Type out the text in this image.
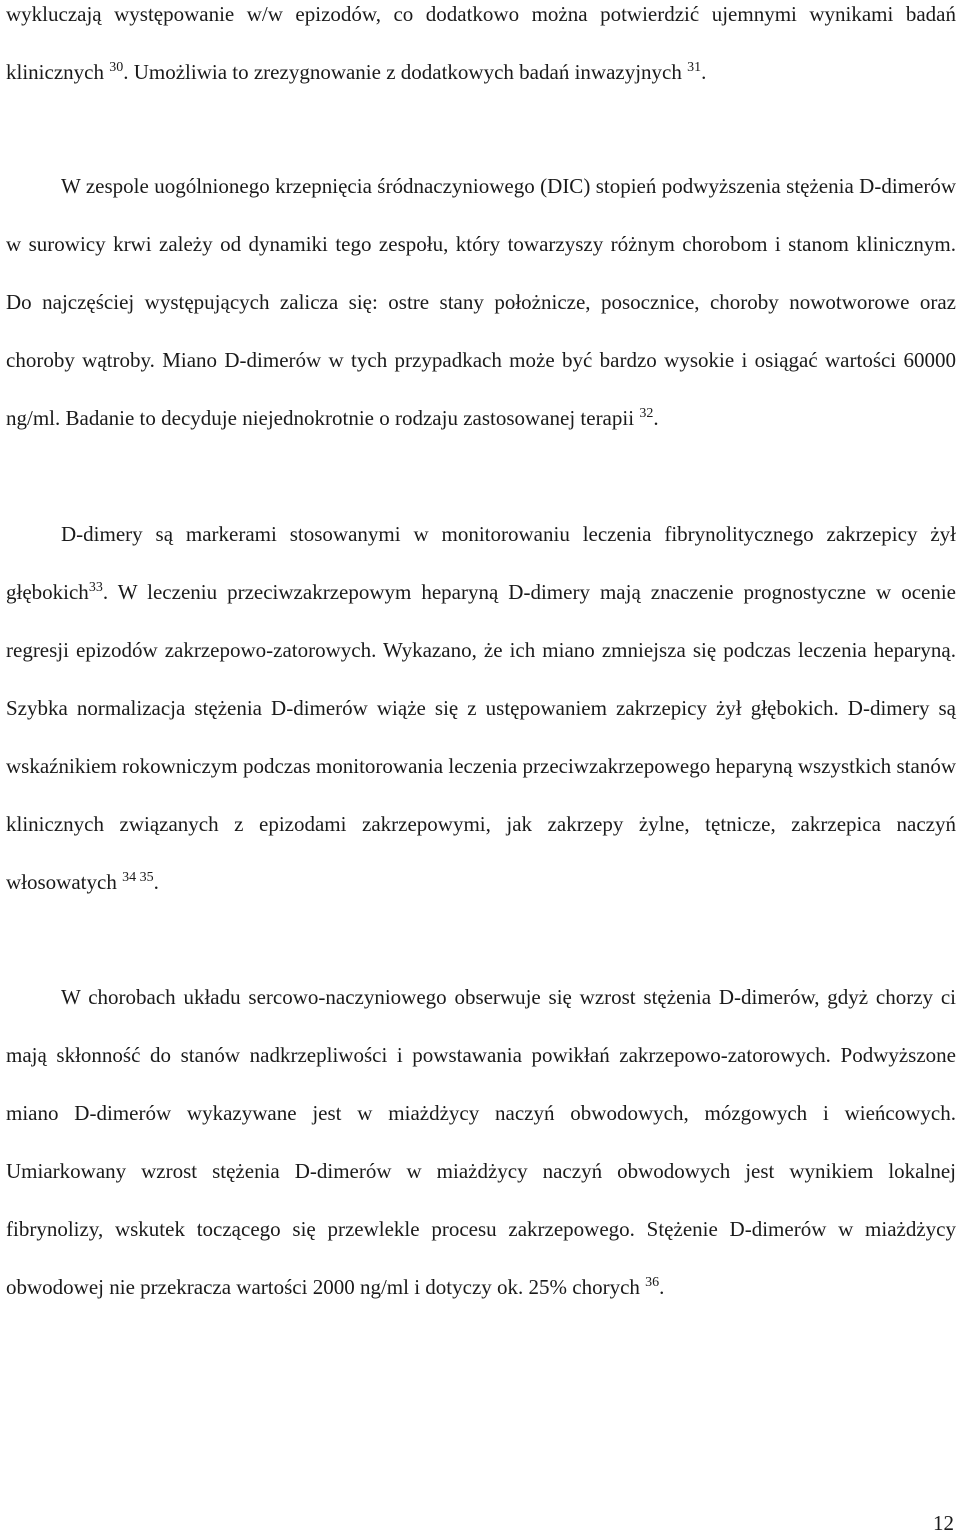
wykluczają występowanie w/w epizodów, co dodatkowo można potwierdzić ujemnymi wynikami badań klinicznych $^{30}$. Umożliwia to zrezygnowanie z dodatkowych badań inwazyjnych $^{31}$.

W zespole uogólnionego krzepnięcia śródnaczyniowego (DIC) stopień podwyższenia stężenia D-dimerów w surowicy krwi zależy od dynamiki tego zespołu, który towarzyszy różnym chorobom i stanom klinicznym. Do najczęściej występujących zalicza się: ostre stany położnicze, posocznice, choroby nowotworowe oraz choroby wątroby. Miano D-dimerów w tych przypadkach może być bardzo wysokie i osiągać wartości 60000 ng/ml. Badanie to decyduje niejednokrotnie o rodzaju zastosowanej terapii $^{32}$.

D-dimery są markerami stosowanymi w monitorowaniu leczenia fibrynolitycznego zakrzepicy żył głębokich$^{33}$. W leczeniu przeciwzakrzepowym heparyną D-dimery mają znaczenie prognostyczne w ocenie regresji epizodów zakrzepowo-zatorowych. Wykazano, że ich miano zmniejsza się podczas leczenia heparyną. Szybka normalizacja stężenia D-dimerów wiąże się z ustępowaniem zakrzepicy żył głębokich. D-dimery są wskaźnikiem rokowniczym podczas monitorowania leczenia przeciwzakrzepowego heparyną wszystkich stanów klinicznych związanych z epizodami zakrzepowymi, jak zakrzepy żylne, tętnicze, zakrzepica naczyń włosowatych $^{34 35}$.

W chorobach układu sercowo-naczyniowego obserwuje się wzrost stężenia D-dimerów, gdyż chorzy ci mają skłonność do stanów nadkrzepliwości i powstawania powikłań zakrzepowo-zatorowych. Podwyższone miano D-dimerów wykazywane jest w miażdżycy naczyń obwodowych, mózgowych i wieńcowych. Umiarkowany wzrost stężenia D-dimerów w miażdżycy naczyń obwodowych jest wynikiem lokalnej fibrynolizy, wskutek toczącego się przewlekle procesu zakrzepowego. Stężenie D-dimerów w miażdżycy obwodowej nie przekracza wartości 2000 ng/ml i dotyczy ok. 25% chorych $^{36}$.

12
